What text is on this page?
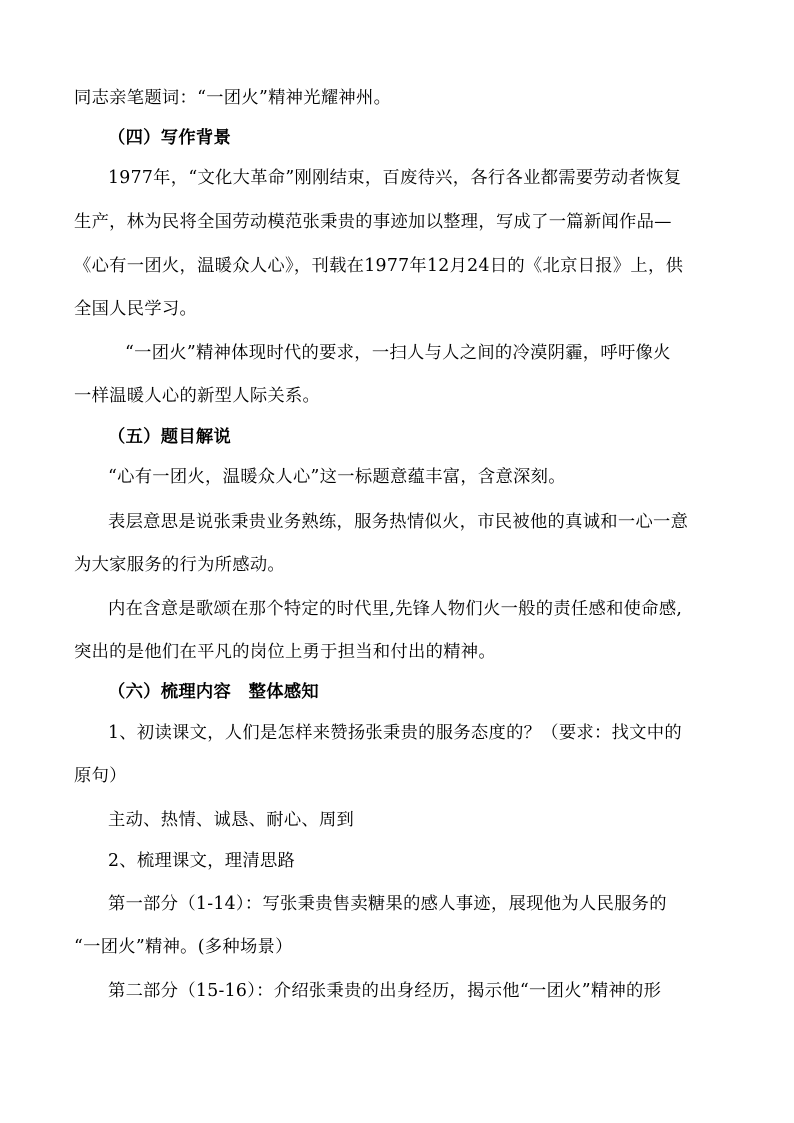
同志亲笔题词：“一团火”精神光耀神州。
（四）写作背景
1977年，“文化大革命”刚刚结束，百废待兴，各行各业都需要劳动者恢复
生产，林为民将全国劳动模范张秉贵的事迹加以整理，写成了一篇新闻作品—
《心有一团火，温暖众人心》，刊载在1977年12月24日的《北京日报》上，供
全国人民学习。
“一团火”精神体现时代的要求，一扫人与人之间的冷漠阴霾，呼吁像火
一样温暖人心的新型人际关系。
（五）题目解说
“心有一团火，温暖众人心”这一标题意蕴丰富，含意深刻。
表层意思是说张秉贵业务熟练，服务热情似火，市民被他的真诚和一心一意
为大家服务的行为所感动。
内在含意是歌颂在那个特定的时代里,先锋人物们火一般的责任感和使命感,
突出的是他们在平凡的岗位上勇于担当和付出的精神。
（六）梳理内容　整体感知
1、初读课文，人们是怎样来赞扬张秉贵的服务态度的？（要求：找文中的
原句）
主动、热情、诚恳、耐心、周到
2、梳理课文，理清思路
第一部分（1-14）：写张秉贵售卖糖果的感人事迹，展现他为人民服务的
“一团火”精神。(多种场景）
第二部分（15-16）：介绍张秉贵的出身经历，揭示他“一团火”精神的形
